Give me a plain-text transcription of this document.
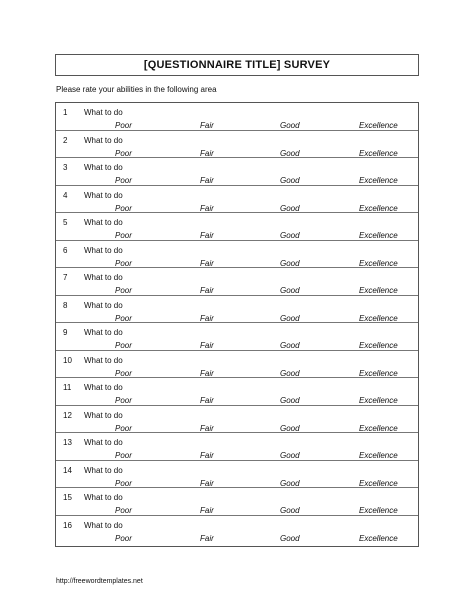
[QUESTIONNAIRE TITLE] SURVEY
Please rate your abilities in the following area
1 What to do
Poor	Fair	Good	Excellence
2 What to do
Poor	Fair	Good	Excellence
3 What to do
Poor	Fair	Good	Excellence
4 What to do
Poor	Fair	Good	Excellence
5 What to do
Poor	Fair	Good	Excellence
6 What to do
Poor	Fair	Good	Excellence
7 What to do
Poor	Fair	Good	Excellence
8 What to do
Poor	Fair	Good	Excellence
9 What to do
Poor	Fair	Good	Excellence
10 What to do
Poor	Fair	Good	Excellence
11 What to do
Poor	Fair	Good	Excellence
12 What to do
Poor	Fair	Good	Excellence
13 What to do
Poor	Fair	Good	Excellence
14 What to do
Poor	Fair	Good	Excellence
15 What to do
Poor	Fair	Good	Excellence
16 What to do
Poor	Fair	Good	Excellence
http://freewordtemplates.net
